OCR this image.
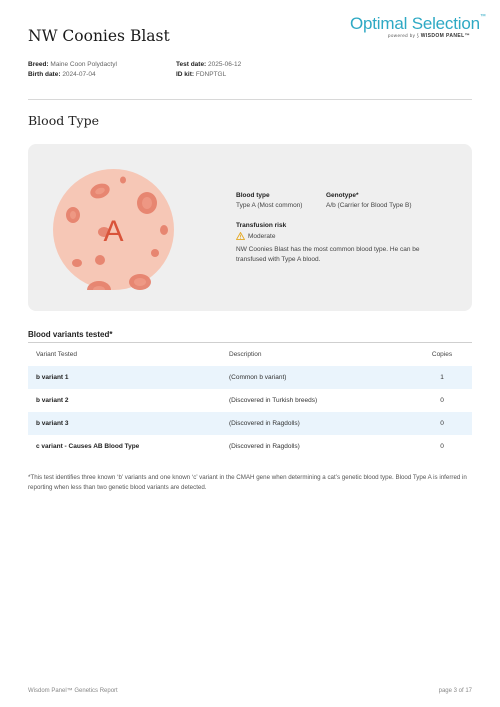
NW Coonies Blast
Optimal Selection™
powered by ⟆ WISDOM PANEL™
Breed: Maine Coon Polydactyl
Birth date: 2024-07-04
Test date: 2025-06-12
ID kit: FDNPTGL
Blood Type
A
Blood type
Type A (Most common)
Genotype*
A/b (Carrier for Blood Type B)
Transfusion risk
Moderate
NW Coonies Blast has the most common blood type. He can be transfused with Type A blood.
Blood variants tested*
Variant Tested	Description	Copies
b variant 1	(Common b variant)	1
b variant 2	(Discovered in Turkish breeds)	0
b variant 3	(Discovered in Ragdolls)	0
c variant - Causes AB Blood Type	(Discovered in Ragdolls)	0
*This test identifies three known ‘b’ variants and one known ‘c’ variant in the CMAH gene when determining a cat’s genetic blood type. Blood Type A is inferred in reporting when less than two genetic blood variants are detected.
Wisdom Panel™ Genetics Report	page 3 of 17
